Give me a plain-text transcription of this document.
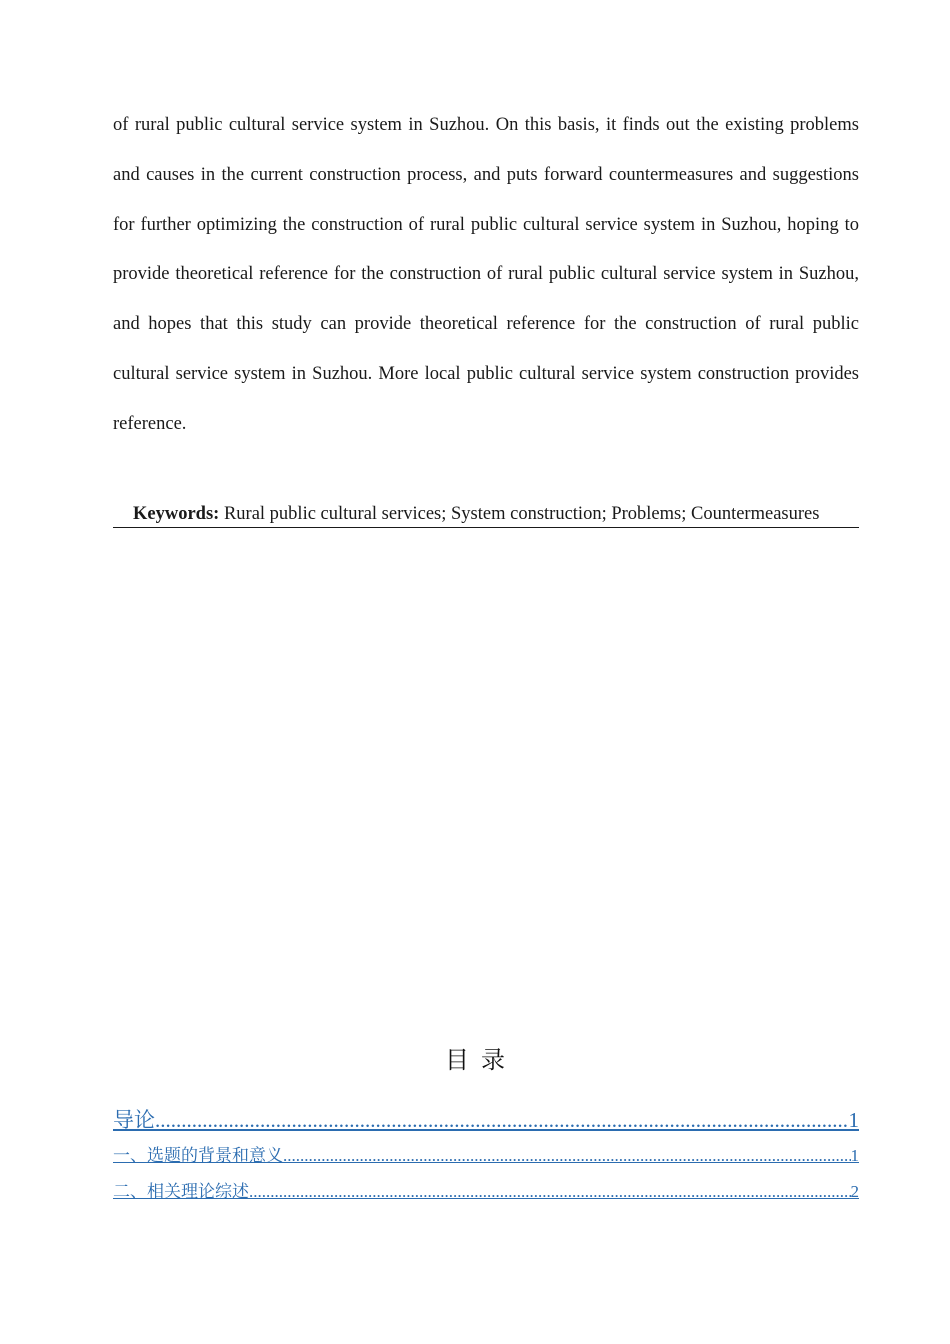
of rural public cultural service system in Suzhou. On this basis, it finds out the existing problems and causes in the current construction process, and puts forward countermeasures and suggestions for further optimizing the construction of rural public cultural service system in Suzhou, hoping to provide theoretical reference for the construction of rural public cultural service system in Suzhou, and hopes that this study can provide theoretical reference for the construction of rural public cultural service system in Suzhou. More local public cultural service system construction provides reference.

Keywords: Rural public cultural services; System construction; Problems; Countermeasures
目录
导论 .....	1
一、选题的背景和意义 .....	1
二、相关理论综述 .....	2
